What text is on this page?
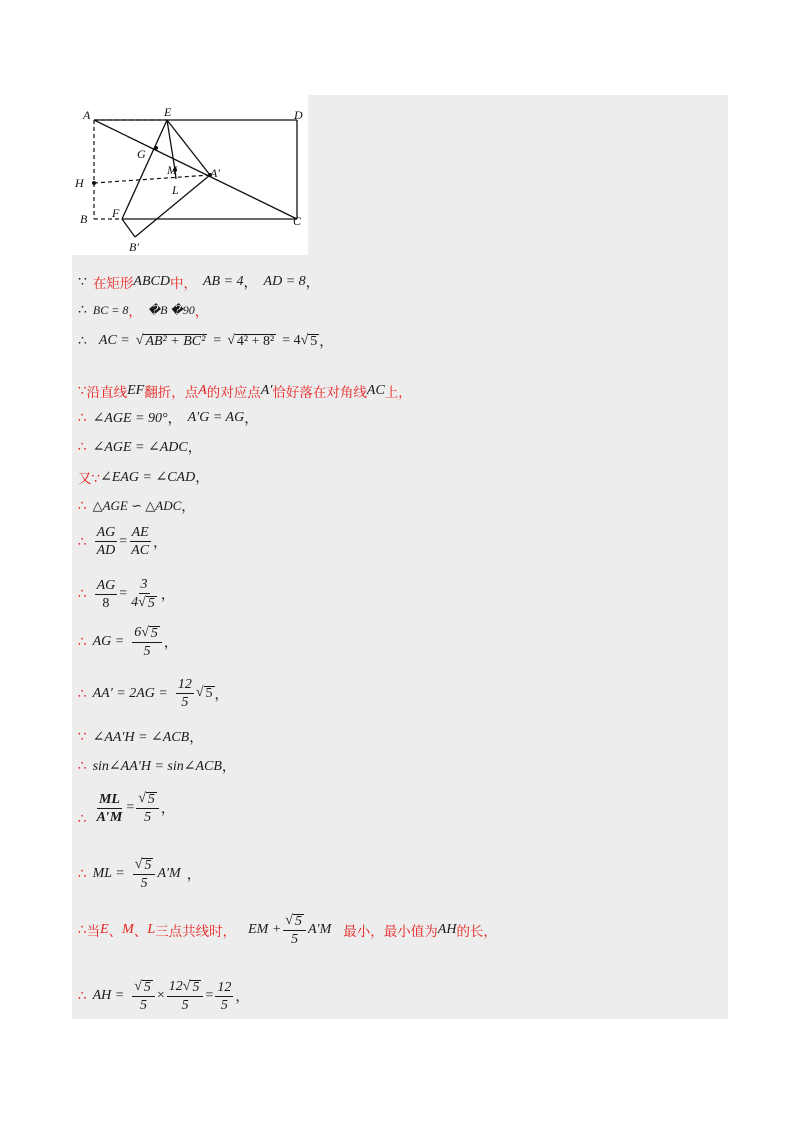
A	E	D
G
M	A′
H	L
B F
C
B′
∵ 在矩形 ABCD 中， AB = 4 ， AD = 8 ，
∴ BC = 8 ， �B �90 ，
∴ AC = √ AB² + BC² = √ 4² + 8² = 4 √ 5 ，
∵ 沿直线 EF 翻折，点 A 的对应点 A′ 恰好落在对角线 AC 上，
∴ ∠AGE = 90° ， A′G = AG ，
∴ ∠AGE = ∠ADC ，
又∵ ∠EAG = ∠CAD ，
∴ △AGE ∽ △ADC ，
∴ $\frac{AG}{AD} = \frac{AE}{AC}$ ，
∴ $\frac{AG}{8} = \frac{3}{4 √ 5}$ ，
∴ AG = $\frac{6 √ 5}{5}$ ，
∴ $AA' = 2AG = \frac{12}{5}$ √ 5 ，
∵ ∠AA′H = ∠ACB ，
∴ sin∠AA′H = sin∠ACB ，
∴ $\frac{ML}{A'M} = \frac{√ 5}{5}$ ，
∴ ML = $\frac{√ 5}{5} A'M$ ，
∴ 当 E 、 M 、 L 三点共线时， EM + $\frac{√ 5}{5} A'M$ 最小，最小值为 AH 的长，
∴ AH = $\frac{√ 5}{5} \times \frac{12 √ 5}{5} = \frac{12}{5}$ ，
